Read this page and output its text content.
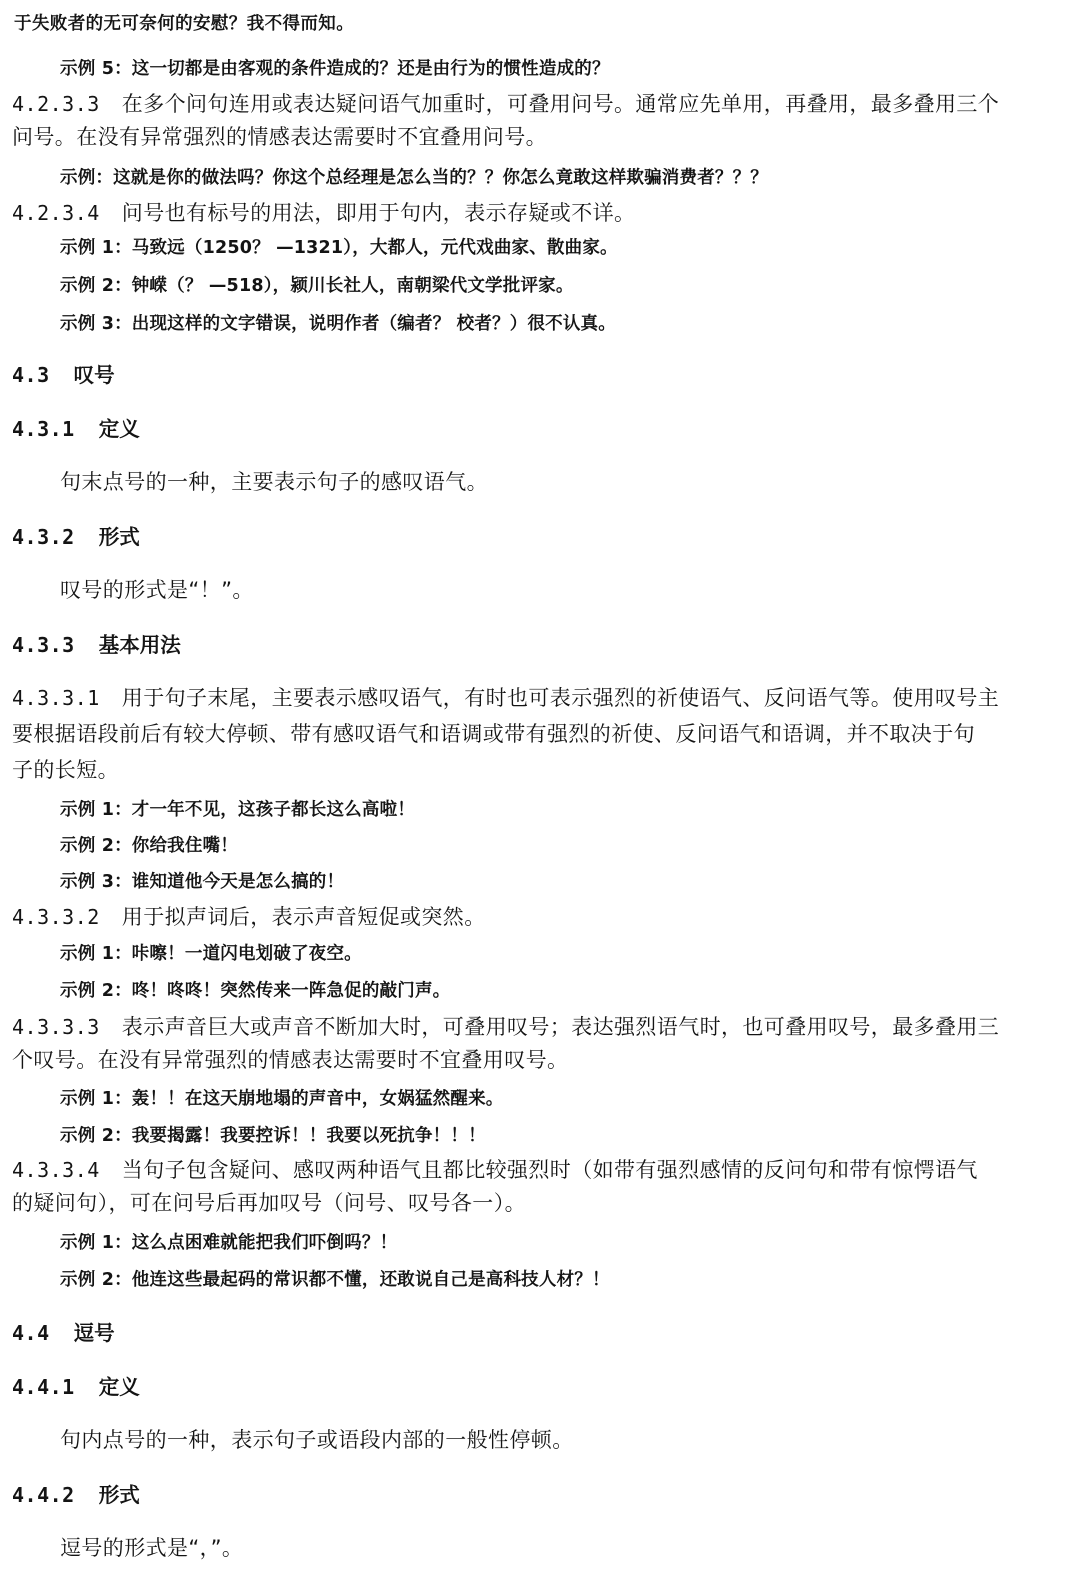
于失败者的无可奈何的安慰？我不得而知。
示例 5：这一切都是由客观的条件造成的？还是由行为的惯性造成的？
4.2.3.3 在多个问句连用或表达疑问语气加重时，可叠用问号。通常应先单用，再叠用，最多叠用三个
问号。在没有异常强烈的情感表达需要时不宜叠用问号。
示例：这就是你的做法吗？你这个总经理是怎么当的？？你怎么竟敢这样欺骗消费者？？？
4.2.3.4 问号也有标号的用法，即用于句内，表示存疑或不详。
示例 1：马致远（1250？ —1321），大都人，元代戏曲家、散曲家。
示例 2：钟嵘（？ —518），颍川长社人，南朝梁代文学批评家。
示例 3：出现这样的文字错误，说明作者（编者？ 校者？）很不认真。
4.3 叹号
4.3.1 定义
句末点号的一种，主要表示句子的感叹语气。
4.3.2 形式
叹号的形式是“！”。
4.3.3 基本用法
4.3.3.1 用于句子末尾，主要表示感叹语气，有时也可表示强烈的祈使语气、反问语气等。使用叹号主
要根据语段前后有较大停顿、带有感叹语气和语调或带有强烈的祈使、反问语气和语调，并不取决于句
子的长短。
示例 1：才一年不见，这孩子都长这么高啦！
示例 2：你给我住嘴！
示例 3：谁知道他今天是怎么搞的！
4.3.3.2 用于拟声词后，表示声音短促或突然。
示例 1：咔嚓！一道闪电划破了夜空。
示例 2：咚！咚咚！突然传来一阵急促的敲门声。
4.3.3.3 表示声音巨大或声音不断加大时，可叠用叹号；表达强烈语气时，也可叠用叹号，最多叠用三
个叹号。在没有异常强烈的情感表达需要时不宜叠用叹号。
示例 1：轰！！在这天崩地塌的声音中，女娲猛然醒来。
示例 2：我要揭露！我要控诉！！我要以死抗争！！！
4.3.3.4 当句子包含疑问、感叹两种语气且都比较强烈时（如带有强烈感情的反问句和带有惊愕语气
的疑问句），可在问号后再加叹号（问号、叹号各一）。
示例 1：这么点困难就能把我们吓倒吗？！
示例 2：他连这些最起码的常识都不懂，还敢说自己是高科技人材？！
4.4 逗号
4.4.1 定义
句内点号的一种，表示句子或语段内部的一般性停顿。
4.4.2 形式
逗号的形式是“，”。
